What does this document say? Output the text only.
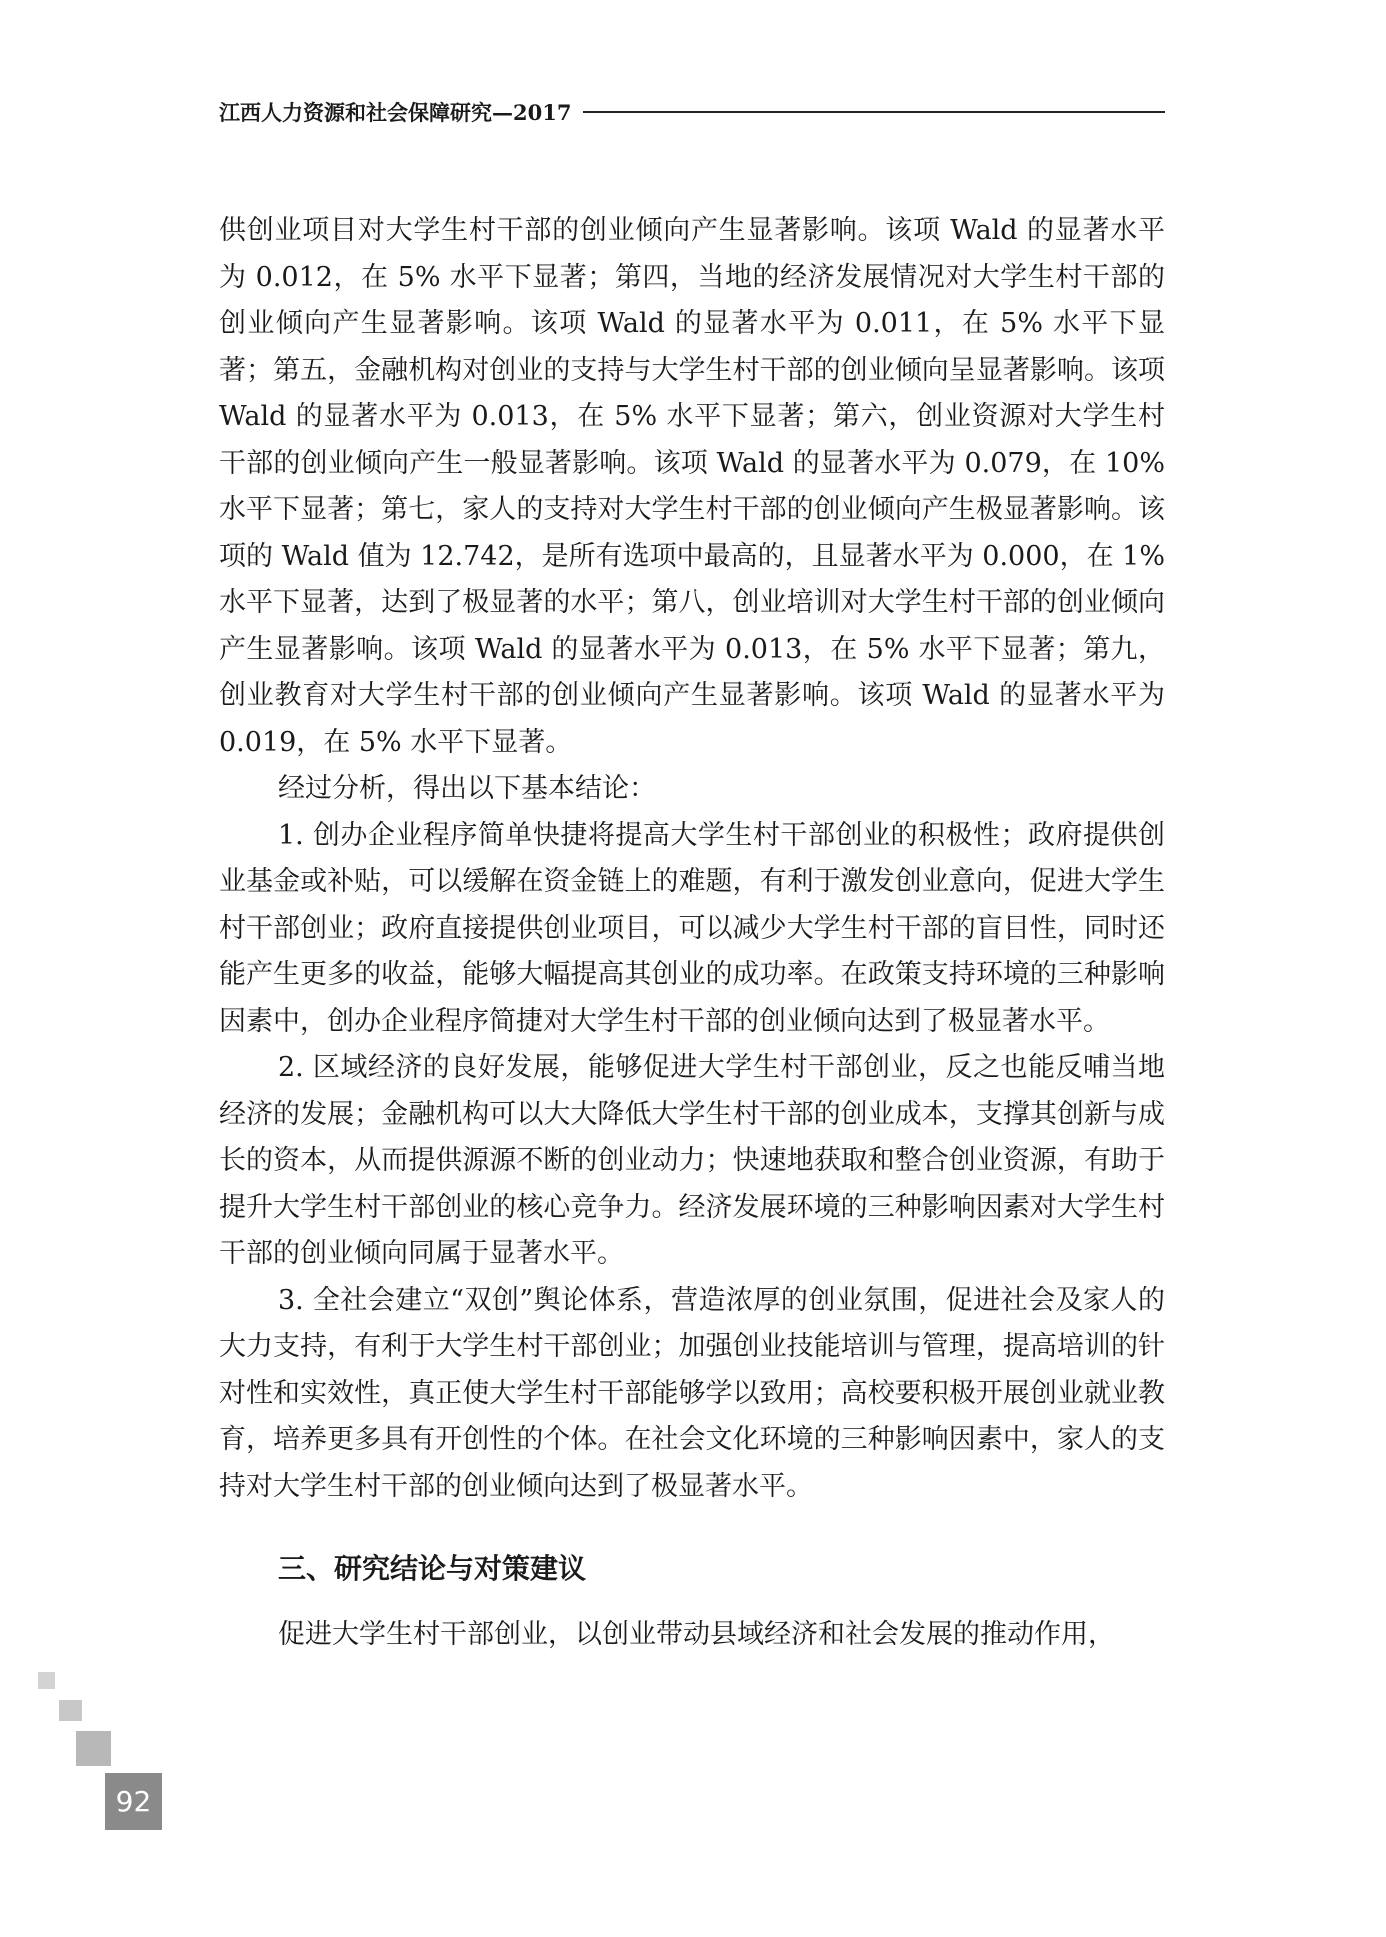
江西人力资源和社会保障研究—2017

供创业项目对大学生村干部的创业倾向产生显著影响。该项 Wald 的显著水平为 0.012，在 5% 水平下显著；第四，当地的经济发展情况对大学生村干部的创业倾向产生显著影响。该项 Wald 的显著水平为 0.011，在 5% 水平下显著；第五，金融机构对创业的支持与大学生村干部的创业倾向呈显著影响。该项 Wald 的显著水平为 0.013，在 5% 水平下显著；第六，创业资源对大学生村干部的创业倾向产生一般显著影响。该项 Wald 的显著水平为 0.079，在 10% 水平下显著；第七，家人的支持对大学生村干部的创业倾向产生极显著影响。该项的 Wald 值为 12.742，是所有选项中最高的，且显著水平为 0.000，在 1% 水平下显著，达到了极显著的水平；第八，创业培训对大学生村干部的创业倾向产生显著影响。该项 Wald 的显著水平为 0.013，在 5% 水平下显著；第九，创业教育对大学生村干部的创业倾向产生显著影响。该项 Wald 的显著水平为 0.019，在 5% 水平下显著。

经过分析，得出以下基本结论：

1. 创办企业程序简单快捷将提高大学生村干部创业的积极性；政府提供创业基金或补贴，可以缓解在资金链上的难题，有利于激发创业意向，促进大学生村干部创业；政府直接提供创业项目，可以减少大学生村干部的盲目性，同时还能产生更多的收益，能够大幅提高其创业的成功率。在政策支持环境的三种影响因素中，创办企业程序简捷对大学生村干部的创业倾向达到了极显著水平。

2. 区域经济的良好发展，能够促进大学生村干部创业，反之也能反哺当地经济的发展；金融机构可以大大降低大学生村干部的创业成本，支撑其创新与成长的资本，从而提供源源不断的创业动力；快速地获取和整合创业资源，有助于提升大学生村干部创业的核心竞争力。经济发展环境的三种影响因素对大学生村干部的创业倾向同属于显著水平。

3. 全社会建立“双创”舆论体系，营造浓厚的创业氛围，促进社会及家人的大力支持，有利于大学生村干部创业；加强创业技能培训与管理，提高培训的针对性和实效性，真正使大学生村干部能够学以致用；高校要积极开展创业就业教育，培养更多具有开创性的个体。在社会文化环境的三种影响因素中，家人的支持对大学生村干部的创业倾向达到了极显著水平。

三、研究结论与对策建议

促进大学生村干部创业，以创业带动县域经济和社会发展的推动作用，

92
